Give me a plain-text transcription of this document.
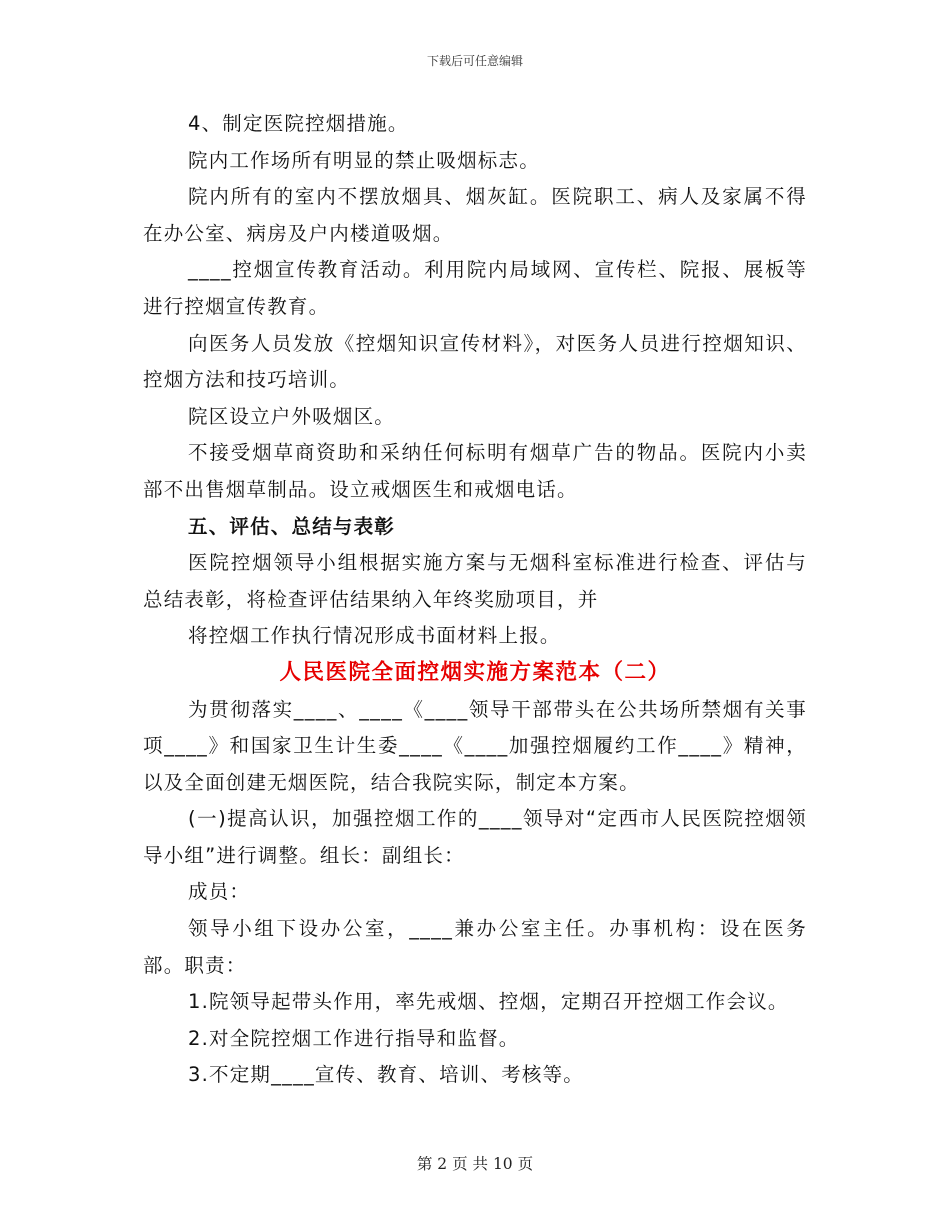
下载后可任意编辑

4、制定医院控烟措施。

院内工作场所有明显的禁止吸烟标志。

院内所有的室内不摆放烟具、烟灰缸。医院职工、病人及家属不得在办公室、病房及户内楼道吸烟。

____控烟宣传教育活动。利用院内局域网、宣传栏、院报、展板等进行控烟宣传教育。

向医务人员发放《控烟知识宣传材料》，对医务人员进行控烟知识、控烟方法和技巧培训。

院区设立户外吸烟区。

不接受烟草商资助和采纳任何标明有烟草广告的物品。医院内小卖部不出售烟草制品。设立戒烟医生和戒烟电话。

五、评估、总结与表彰

医院控烟领导小组根据实施方案与无烟科室标准进行检查、评估与总结表彰，将检查评估结果纳入年终奖励项目，并

将控烟工作执行情况形成书面材料上报。

人民医院全面控烟实施方案范本（二）

为贯彻落实____、____《____领导干部带头在公共场所禁烟有关事项____》和国家卫生计生委____《____加强控烟履约工作____》精神，以及全面创建无烟医院，结合我院实际，制定本方案。

(一)提高认识，加强控烟工作的____领导对“定西市人民医院控烟领导小组”进行调整。组长：副组长：

成员：

领导小组下设办公室，____兼办公室主任。办事机构：设在医务部。职责：

1.院领导起带头作用，率先戒烟、控烟，定期召开控烟工作会议。

2.对全院控烟工作进行指导和监督。

3.不定期____宣传、教育、培训、考核等。

第 2 页 共 10 页
